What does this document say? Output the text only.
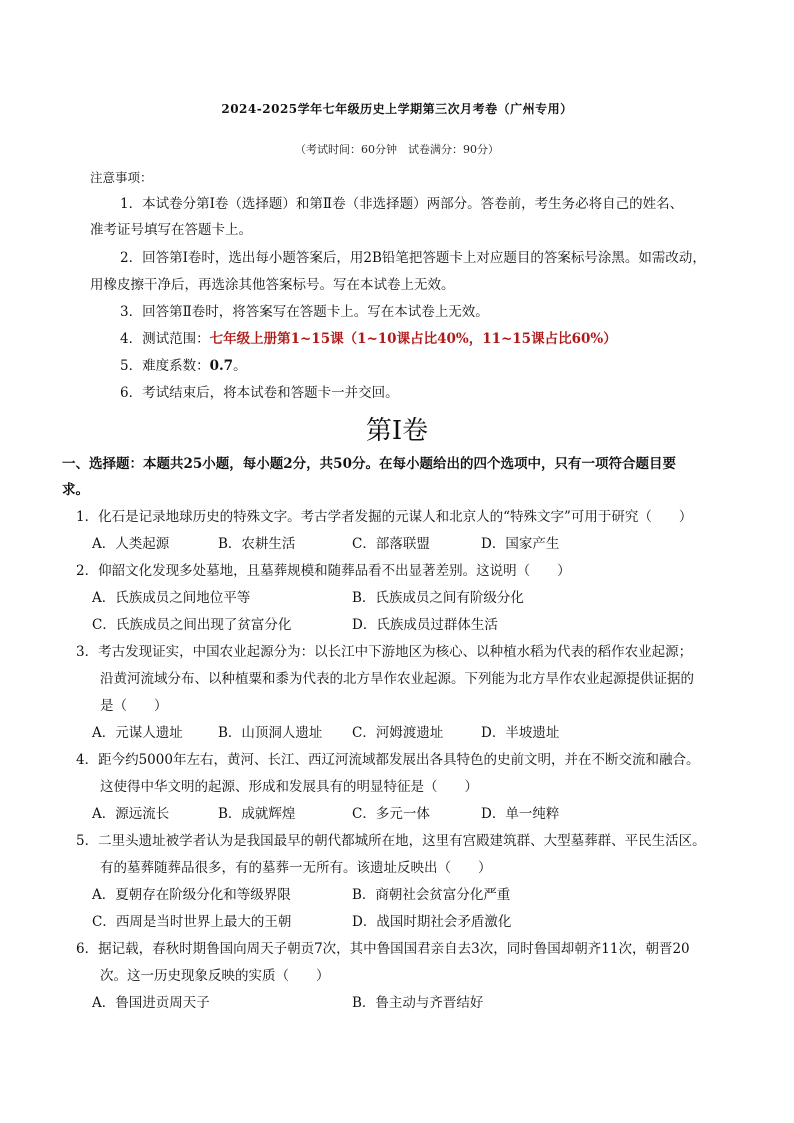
2024-2025学年七年级历史上学期第三次月考卷（广州专用）
（考试时间：60分钟　试卷满分：90分）
注意事项：
1．本试卷分第Ⅰ卷（选择题）和第Ⅱ卷（非选择题）两部分。答卷前，考生务必将自己的姓名、
准考证号填写在答题卡上。
2．回答第Ⅰ卷时，选出每小题答案后，用2B铅笔把答题卡上对应题目的答案标号涂黑。如需改动，
用橡皮擦干净后，再选涂其他答案标号。写在本试卷上无效。
3．回答第Ⅱ卷时，将答案写在答题卡上。写在本试卷上无效。
4．测试范围：七年级上册第1~15课（1~10课占比40%，11~15课占比60%）
5．难度系数：0.7。
6．考试结束后，将本试卷和答题卡一并交回。
第Ⅰ卷
一、选择题：本题共25小题，每小题2分，共50分。在每小题给出的四个选项中，只有一项符合题目要
求。
1．化石是记录地球历史的特殊文字。考古学者发掘的元谋人和北京人的“特殊文字”可用于研究（　　）
A．人类起源	B．农耕生活	C．部落联盟	D．国家产生
2．仰韶文化发现多处墓地，且墓葬规模和随葬品看不出显著差别。这说明（　　）
A．氏族成员之间地位平等	B．氏族成员之间有阶级分化
C．氏族成员之间出现了贫富分化	D．氏族成员过群体生活
3．考古发现证实，中国农业起源分为：以长江中下游地区为核心、以种植水稻为代表的稻作农业起源；
沿黄河流域分布、以种植粟和黍为代表的北方旱作农业起源。下列能为北方旱作农业起源提供证据的
是（　　）
A．元谋人遗址	B．山顶洞人遗址 C．河姆渡遗址	D．半坡遗址
4．距今约5000年左右，黄河、长江、西辽河流域都发展出各具特色的史前文明，并在不断交流和融合。
这使得中华文明的起源、形成和发展具有的明显特征是（　　）
A．源远流长	B．成就辉煌	C．多元一体	D．单一纯粹
5．二里头遗址被学者认为是我国最早的朝代都城所在地，这里有宫殿建筑群、大型墓葬群、平民生活区。
有的墓葬随葬品很多，有的墓葬一无所有。该遗址反映出（　　）
A．夏朝存在阶级分化和等级界限	B．商朝社会贫富分化严重
C．西周是当时世界上最大的王朝	D．战国时期社会矛盾激化
6．据记载，春秋时期鲁国向周天子朝贡7次，其中鲁国国君亲自去3次，同时鲁国却朝齐11次，朝晋20
次。这一历史现象反映的实质（　　）
A．鲁国进贡周天子	B．鲁主动与齐晋结好
